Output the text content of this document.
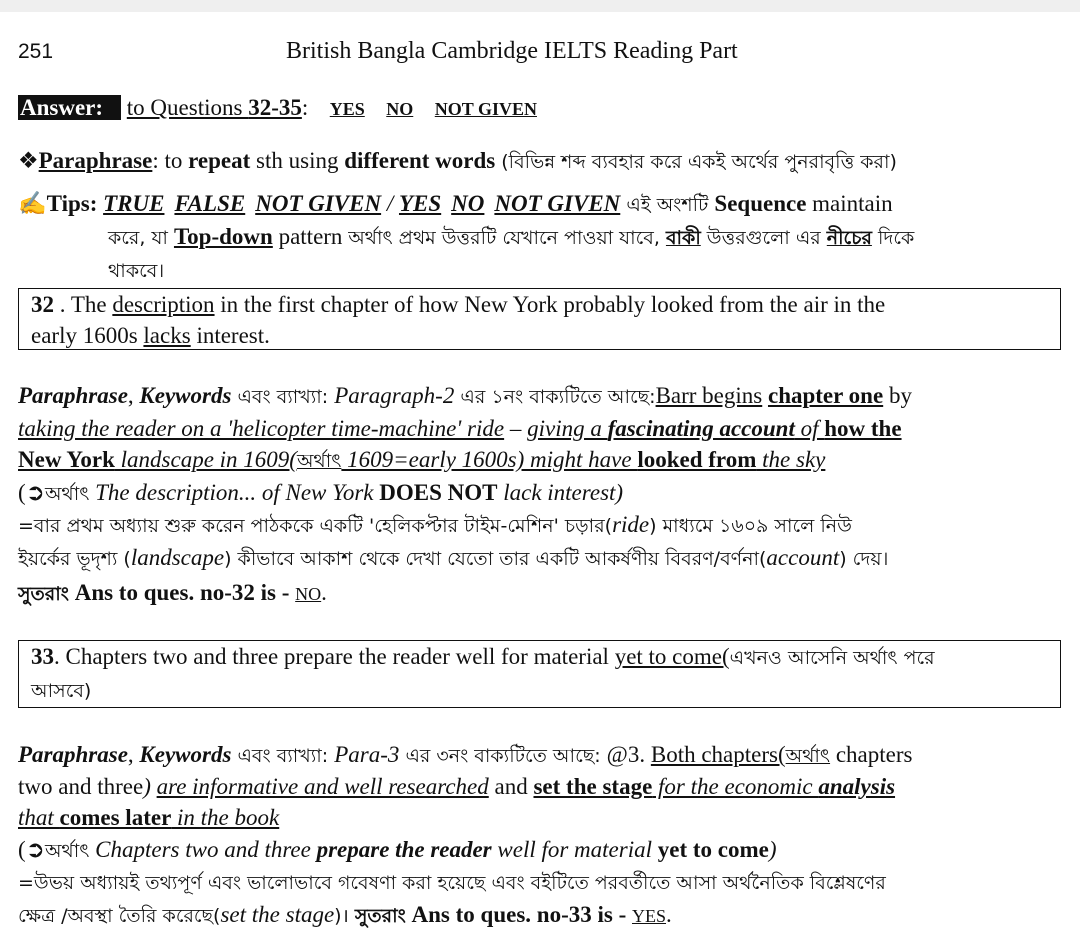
251	British Bangla Cambridge IELTS Reading Part
Answer: to Questions 32-35: YES NO NOT GIVEN
❖Paraphrase: to repeat sth using different words (বিভিন্ন শব্দ ব্যবহার করে একই অর্থের পুনরাবৃত্তি করা)
✍Tips: TRUE FALSE NOT GIVEN / YES NO NOT GIVEN এই অংশটি Sequence maintain
করে, যা Top-down pattern অর্থাৎ প্রথম উত্তরটি যেখানে পাওয়া যাবে, বাকী উত্তরগুলো এর নীচের দিকে
থাকবে।
32 . The description in the first chapter of how New York probably looked from the air in the
early 1600s lacks interest.
Paraphrase, Keywords এবং ব্যাখ্যা: Paragraph-2 এর ১নং বাক্যটিতে আছে:Barr begins chapter one by
taking the reader on a 'helicopter time-machine' ride – giving a fascinating account of how the
New York landscape in 1609(অর্থাৎ 1609=early 1600s) might have looked from the sky
(➲অর্থাৎ The description... of New York DOES NOT lack interest)
=বার প্রথম অধ্যায় শুরু করেন পাঠককে একটি 'হেলিকপ্টার টাইম-মেশিন' চড়ার(ride) মাধ্যমে ১৬০৯ সালে নিউ
ইয়র্কের ভূদৃশ্য (landscape) কীভাবে আকাশ থেকে দেখা যেতো তার একটি আকর্ষণীয় বিবরণ/বর্ণনা(account) দেয়।
সুতরাং Ans to ques. no-32 is - NO.
33. Chapters two and three prepare the reader well for material yet to come(এখনও আসেনি অর্থাৎ পরে
আসবে)
Paraphrase, Keywords এবং ব্যাখ্যা: Para-3 এর ৩নং বাক্যটিতে আছে: @3. Both chapters(অর্থাৎ chapters
two and three) are informative and well researched and set the stage for the economic analysis
that comes later in the book
(➲অর্থাৎ Chapters two and three prepare the reader well for material yet to come)
=উভয় অধ্যায়ই তথ্যপূর্ণ এবং ভালোভাবে গবেষণা করা হয়েছে এবং বইটিতে পরবর্তীতে আসা অর্থনৈতিক বিশ্লেষণের
ক্ষেত্র /অবস্থা তৈরি করেছে(set the stage)। সুতরাং Ans to ques. no-33 is - YES.
